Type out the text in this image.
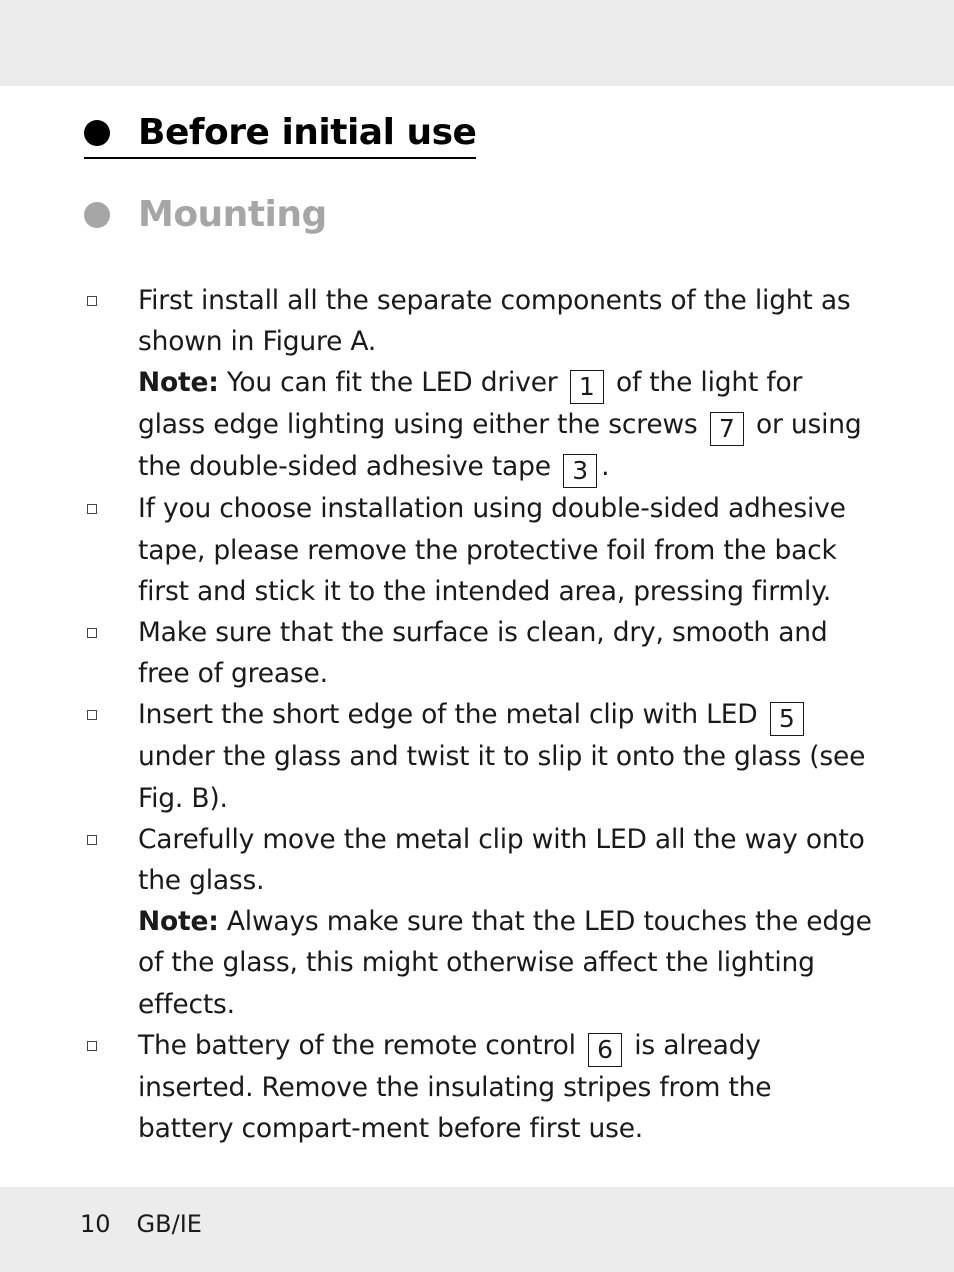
Before initial use
Mounting
First install all the separate components of the light as shown in Figure A.
Note: You can fit the LED driver 1 of the light for glass edge lighting using either the screws 7 or using the double-sided adhesive tape 3 .
If you choose installation using double-sided adhesive tape, please remove the protective foil from the back first and stick it to the intended area, pressing firmly.
Make sure that the surface is clean, dry, smooth and free of grease.
Insert the short edge of the metal clip with LED 5 under the glass and twist it to slip it onto the glass (see Fig. B).
Carefully move the metal clip with LED all the way onto the glass.
Note: Always make sure that the LED touches the edge of the glass, this might otherwise affect the lighting effects.
The battery of the remote control 6 is already inserted. Remove the insulating stripes from the battery compart-ment before first use.
10 GB/IE
